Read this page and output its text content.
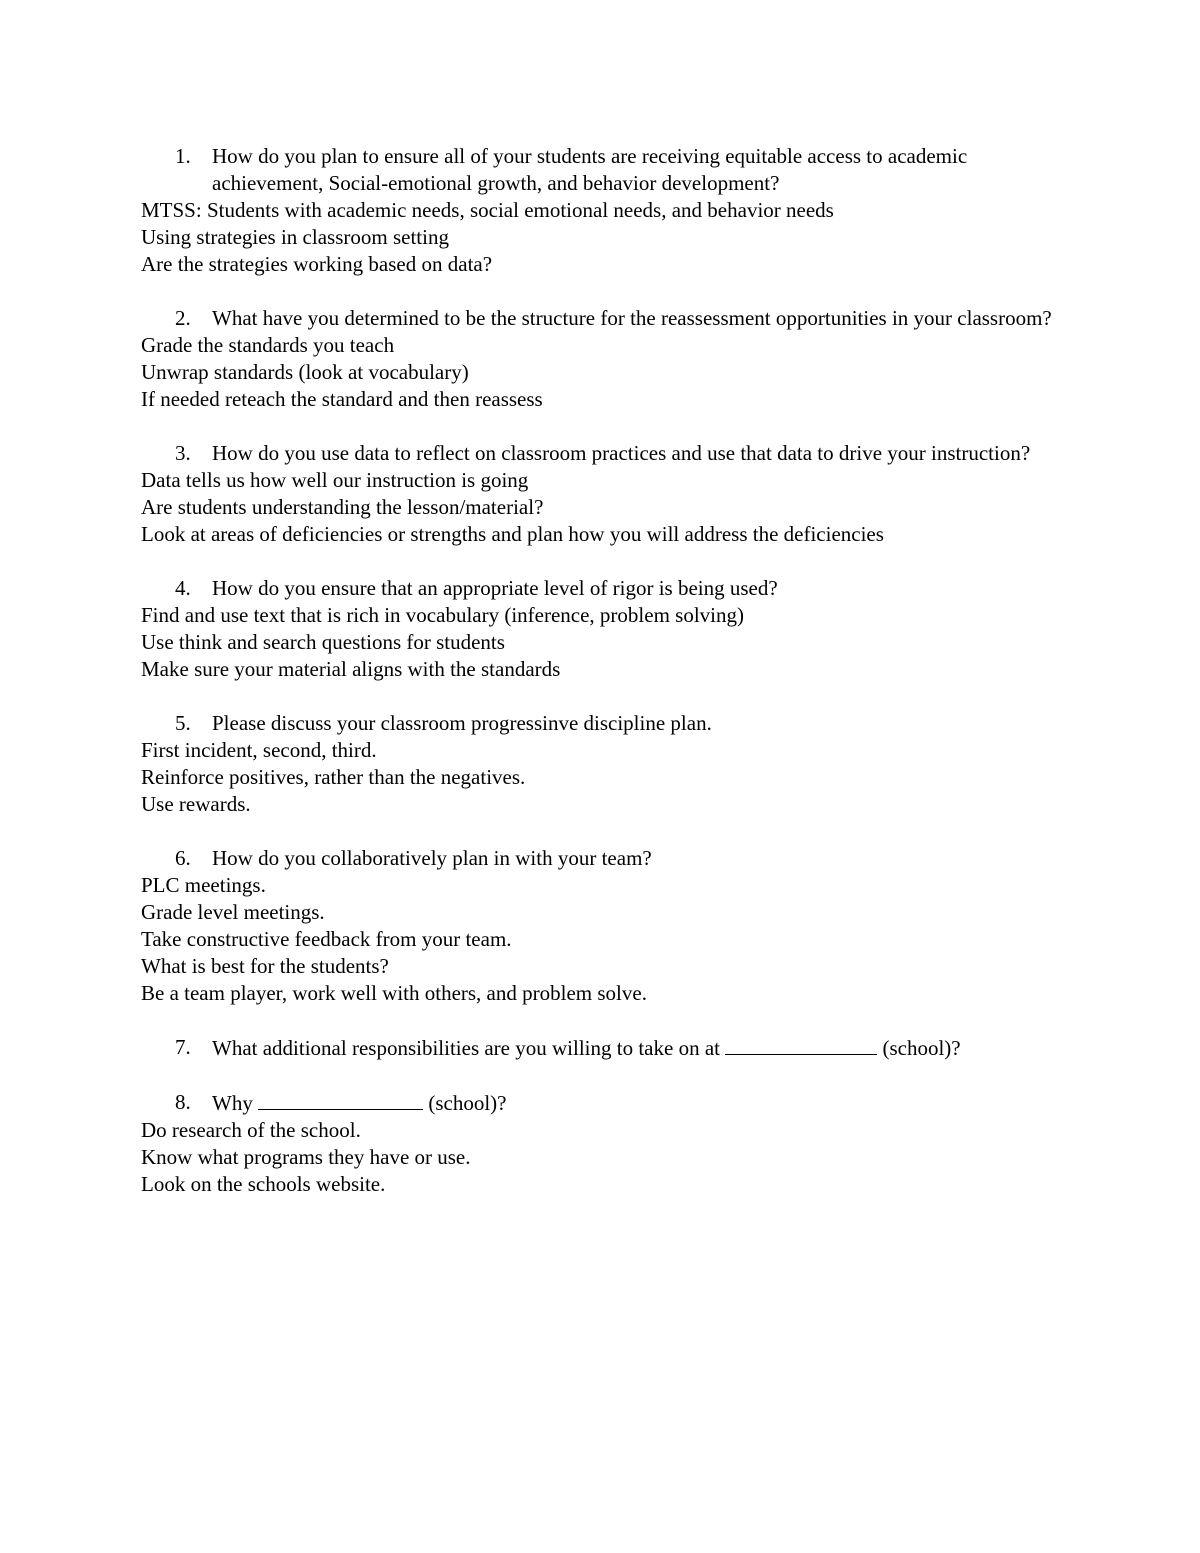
1.	How do you plan to ensure all of your students are receiving equitable access to academic achievement, Social-emotional growth, and behavior development?
MTSS: Students with academic needs, social emotional needs, and behavior needs
Using strategies in classroom setting
Are the strategies working based on data?
2.	What have you determined to be the structure for the reassessment opportunities in your classroom?
Grade the standards you teach
Unwrap standards (look at vocabulary)
If needed reteach the standard and then reassess
3.	How do you use data to reflect on classroom practices and use that data to drive your instruction?
Data tells us how well our instruction is going
Are students understanding the lesson/material?
Look at areas of deficiencies or strengths and plan how you will address the deficiencies
4.	How do you ensure that an appropriate level of rigor is being used?
Find and use text that is rich in vocabulary (inference, problem solving)
Use think and search questions for students
Make sure your material aligns with the standards
5.	Please discuss your classroom progressinve discipline plan.
First incident, second, third.
Reinforce positives, rather than the negatives.
Use rewards.
6.	How do you collaboratively plan in with your team?
PLC meetings.
Grade level meetings.
Take constructive feedback from your team.
What is best for the students?
Be a team player, work well with others, and problem solve.
7.	What additional responsibilities are you willing to take on at	(school)?
8.	Why	(school)?
Do research of the school.
Know what programs they have or use.
Look on the schools website.
